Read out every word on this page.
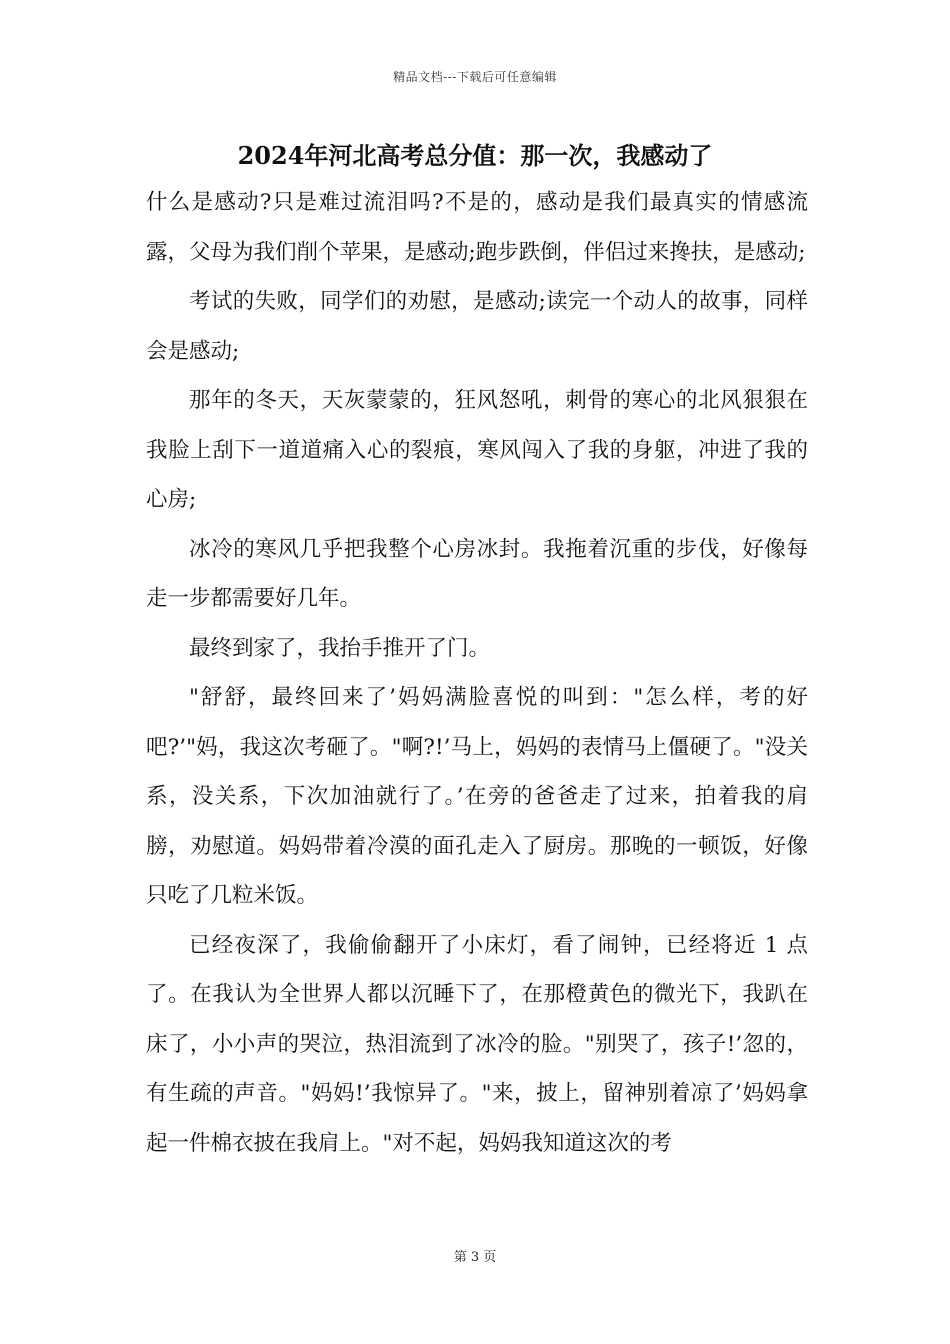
精品文档---下载后可任意编辑
2024年河北高考总分值：那一次，我感动了

什么是感动?只是难过流泪吗?不是的，感动是我们最真实的情感流露，父母为我们削个苹果，是感动;跑步跌倒，伴侣过来搀扶，是感动;

考试的失败，同学们的劝慰，是感动;读完一个动人的故事，同样会是感动;

那年的冬天，天灰蒙蒙的，狂风怒吼，刺骨的寒心的北风狠狠在我脸上刮下一道道痛入心的裂痕，寒风闯入了我的身躯，冲进了我的心房;

冰冷的寒风几乎把我整个心房冰封。我拖着沉重的步伐，好像每走一步都需要好几年。

最终到家了，我抬手推开了门。

"舒舒，最终回来了’妈妈满脸喜悦的叫到："怎么样，考的好吧?’"妈，我这次考砸了。"啊?!’马上，妈妈的表情马上僵硬了。"没关系，没关系，下次加油就行了。’在旁的爸爸走了过来，拍着我的肩膀，劝慰道。妈妈带着冷漠的面孔走入了厨房。那晚的一顿饭，好像只吃了几粒米饭。

已经夜深了，我偷偷翻开了小床灯，看了闹钟，已经将近 1 点了。在我认为全世界人都以沉睡下了，在那橙黄色的微光下，我趴在床了，小小声的哭泣，热泪流到了冰冷的脸。"别哭了，孩子!’忽的，有生疏的声音。"妈妈!’我惊异了。"来，披上，留神别着凉了’妈妈拿起一件棉衣披在我肩上。"对不起，妈妈我知道这次的考

第 3 页
